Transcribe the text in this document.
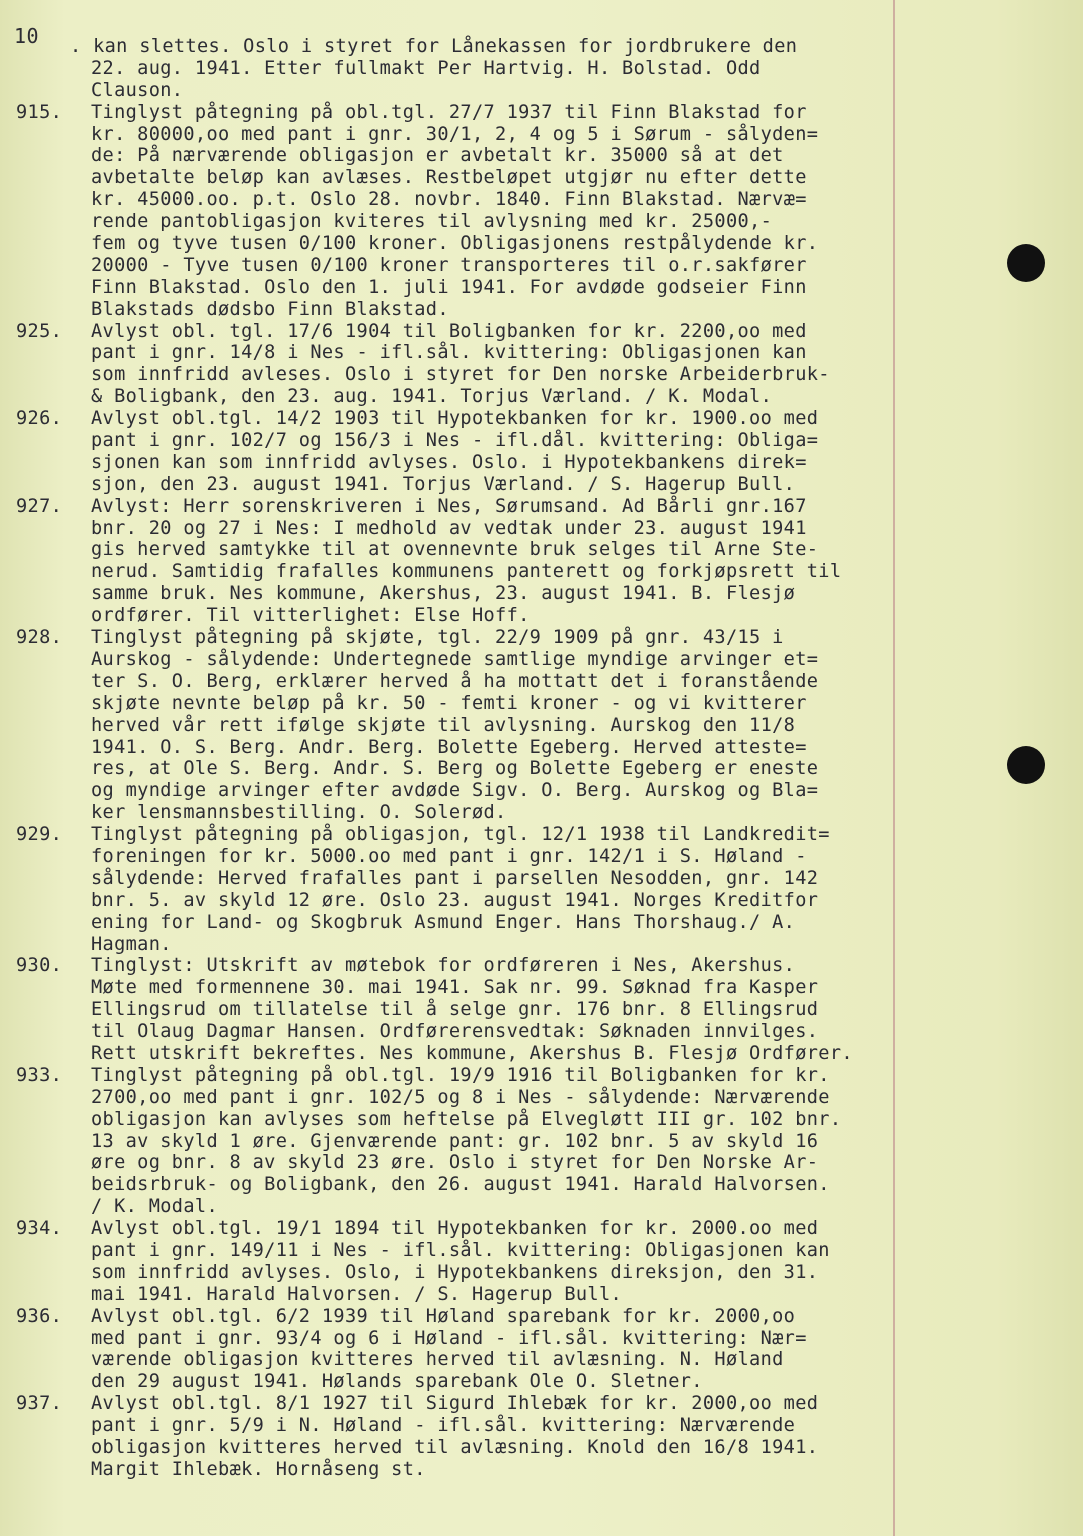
10 . kan slettes. Oslo i styret for Lånekassen for jordbrukere den
22. aug. 1941. Etter fullmakt Per Hartvig. H. Bolstad. Odd
Clauson.
915. Tinglyst påtegning på obl.tgl. 27/7 1937 til Finn Blakstad for
kr. 80000,oo med pant i gnr. 30/1, 2, 4 og 5 i Sørum - sålyden=
de: På nærværende obligasjon er avbetalt kr. 35000 så at det
avbetalte beløp kan avlæses. Restbeløpet utgjør nu efter dette
kr. 45000.oo. p.t. Oslo 28. novbr. 1840. Finn Blakstad. Nærvæ=
rende pantobligasjon kviteres til avlysning med kr. 25000,-
fem og tyve tusen 0/100 kroner. Obligasjonens restpålydende kr.
20000 - Tyve tusen 0/100 kroner transporteres til o.r.sakfører
Finn Blakstad. Oslo den 1. juli 1941. For avdøde godseier Finn
Blakstads dødsbo Finn Blakstad.
925. Avlyst obl. tgl. 17/6 1904 til Boligbanken for kr. 2200,oo med
pant i gnr. 14/8 i Nes - ifl.sål. kvittering: Obligasjonen kan
som innfridd avleses. Oslo i styret for Den norske Arbeiderbruk-
& Boligbank, den 23. aug. 1941. Torjus Værland. / K. Modal.
926. Avlyst obl.tgl. 14/2 1903 til Hypotekbanken for kr. 1900.oo med
pant i gnr. 102/7 og 156/3 i Nes - ifl.dål. kvittering: Obliga=
sjonen kan som innfridd avlyses. Oslo. i Hypotekbankens direk=
sjon, den 23. august 1941. Torjus Værland. / S. Hagerup Bull.
927. Avlyst: Herr sorenskriveren i Nes, Sørumsand. Ad Bårli gnr.167
bnr. 20 og 27 i Nes: I medhold av vedtak under 23. august 1941
gis herved samtykke til at ovennevnte bruk selges til Arne Ste-
nerud. Samtidig frafalles kommunens panterett og forkjøpsrett til
samme bruk. Nes kommune, Akershus, 23. august 1941. B. Flesjø
ordfører. Til vitterlighet: Else Hoff.
928. Tinglyst påtegning på skjøte, tgl. 22/9 1909 på gnr. 43/15 i
Aurskog - sålydende: Undertegnede samtlige myndige arvinger et=
ter S. O. Berg, erklærer herved å ha mottatt det i foranstående
skjøte nevnte beløp på kr. 50 - femti kroner - og vi kvitterer
herved vår rett ifølge skjøte til avlysning. Aurskog den 11/8
1941. O. S. Berg. Andr. Berg. Bolette Egeberg. Herved atteste=
res, at Ole S. Berg. Andr. S. Berg og Bolette Egeberg er eneste
og myndige arvinger efter avdøde Sigv. O. Berg. Aurskog og Bla=
ker lensmannsbestilling. O. Solerød.
929. Tinglyst påtegning på obligasjon, tgl. 12/1 1938 til Landkredit=
foreningen for kr. 5000.oo med pant i gnr. 142/1 i S. Høland -
sålydende: Herved frafalles pant i parsellen Nesodden, gnr. 142
bnr. 5. av skyld 12 øre. Oslo 23. august 1941. Norges Kreditfor
ening for Land- og Skogbruk Asmund Enger. Hans Thorshaug./ A.
Hagman.
930. Tinglyst: Utskrift av møtebok for ordføreren i Nes, Akershus.
Møte med formennene 30. mai 1941. Sak nr. 99. Søknad fra Kasper
Ellingsrud om tillatelse til å selge gnr. 176 bnr. 8 Ellingsrud
til Olaug Dagmar Hansen. Ordførerensvedtak: Søknaden innvilges.
Rett utskrift bekreftes. Nes kommune, Akershus B. Flesjø Ordfører.
933. Tinglyst påtegning på obl.tgl. 19/9 1916 til Boligbanken for kr.
2700,oo med pant i gnr. 102/5 og 8 i Nes - sålydende: Nærværende
obligasjon kan avlyses som heftelse på Elvegløtt III gr. 102 bnr.
13 av skyld 1 øre. Gjenværende pant: gr. 102 bnr. 5 av skyld 16
øre og bnr. 8 av skyld 23 øre. Oslo i styret for Den Norske Ar-
beidsrbruk- og Boligbank, den 26. august 1941. Harald Halvorsen.
/ K. Modal.
934. Avlyst obl.tgl. 19/1 1894 til Hypotekbanken for kr. 2000.oo med
pant i gnr. 149/11 i Nes - ifl.sål. kvittering: Obligasjonen kan
som innfridd avlyses. Oslo, i Hypotekbankens direksjon, den 31.
mai 1941. Harald Halvorsen. / S. Hagerup Bull.
936. Avlyst obl.tgl. 6/2 1939 til Høland sparebank for kr. 2000,oo
med pant i gnr. 93/4 og 6 i Høland - ifl.sål. kvittering: Nær=
værende obligasjon kvitteres herved til avlæsning. N. Høland
den 29 august 1941. Hølands sparebank Ole O. Sletner.
937. Avlyst obl.tgl. 8/1 1927 til Sigurd Ihlebæk for kr. 2000,oo med
pant i gnr. 5/9 i N. Høland - ifl.sål. kvittering: Nærværende
obligasjon kvitteres herved til avlæsning. Knold den 16/8 1941.
Margit Ihlebæk. Hornåseng st.
